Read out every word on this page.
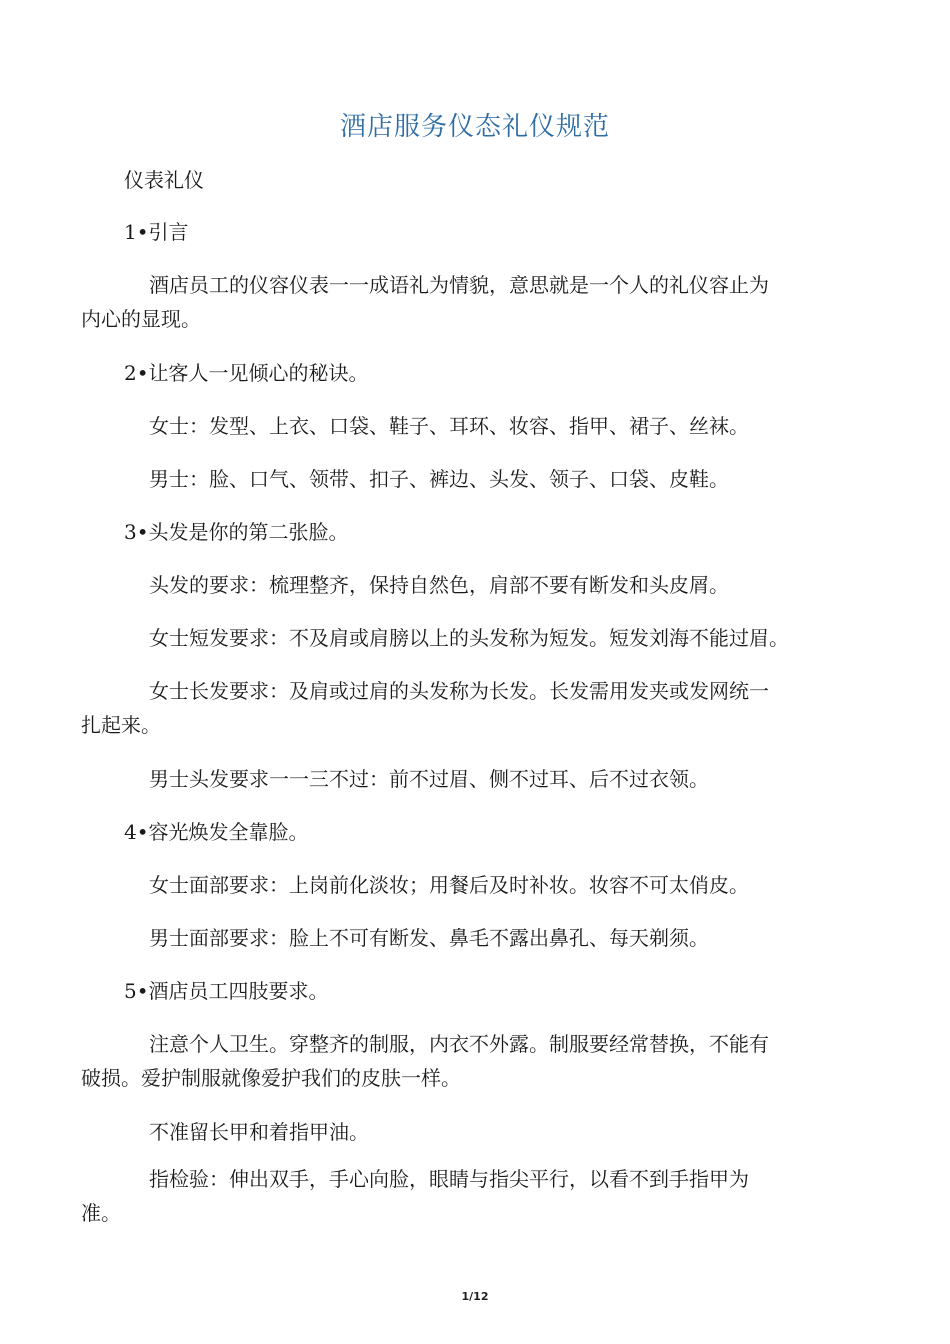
酒店服务仪态礼仪规范

仪表礼仪

1•引言

酒店员工的仪容仪表一一成语礼为情貌，意思就是一个人的礼仪容止为
内心的显现。

2•让客人一见倾心的秘诀。

女士：发型、上衣、口袋、鞋子、耳环、妆容、指甲、裙子、丝袜。

男士：脸、口气、领带、扣子、裤边、头发、领子、口袋、皮鞋。

3•头发是你的第二张脸。

头发的要求：梳理整齐，保持自然色，肩部不要有断发和头皮屑。

女士短发要求：不及肩或肩膀以上的头发称为短发。短发刘海不能过眉。

女士长发要求：及肩或过肩的头发称为长发。长发需用发夹或发网统一
扎起来。

男士头发要求一一三不过：前不过眉、侧不过耳、后不过衣领。

4•容光焕发全靠脸。

女士面部要求：上岗前化淡妆；用餐后及时补妆。妆容不可太俏皮。

男士面部要求：脸上不可有断发、鼻毛不露出鼻孔、每天剃须。

5•酒店员工四肢要求。

注意个人卫生。穿整齐的制服，内衣不外露。制服要经常替换，不能有
破损。爱护制服就像爱护我们的皮肤一样。

不准留长甲和着指甲油。

指检验：伸出双手，手心向脸，眼睛与指尖平行，以看不到手指甲为
准。

1/12
